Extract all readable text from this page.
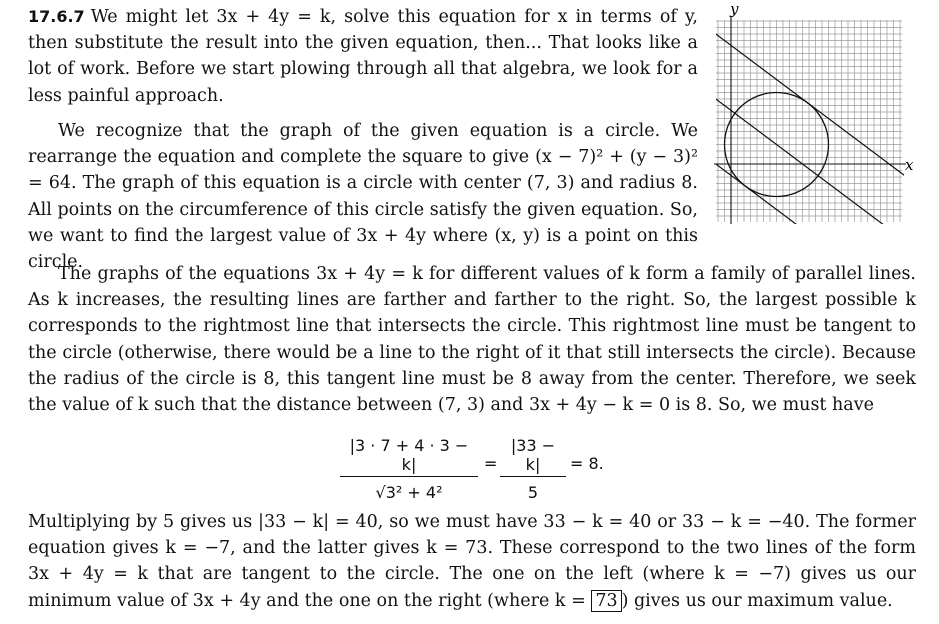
17.6.7 We might let 3x + 4y = k, solve this equation for x in terms of y, then substitute the result into the given equation, then... That looks like a lot of work. Before we start plowing through all that algebra, we look for a less painful approach.

We recognize that the graph of the given equation is a circle. We rearrange the equation and complete the square to give (x − 7)² + (y − 3)² = 64. The graph of this equation is a circle with center (7, 3) and radius 8. All points on the circumference of this circle satisfy the given equation. So, we want to find the largest value of 3x + 4y where (x, y) is a point on this circle.

The graphs of the equations 3x + 4y = k for different values of k form a family of parallel lines. As k increases, the resulting lines are farther and farther to the right. So, the largest possible k corresponds to the rightmost line that intersects the circle. This rightmost line must be tangent to the circle (otherwise, there would be a line to the right of it that still intersects the circle). Because the radius of the circle is 8, this tangent line must be 8 away from the center. Therefore, we seek the value of k such that the distance between (7, 3) and 3x + 4y − k = 0 is 8. So, we must have

$\frac{|3 \cdot 7 + 4 \cdot 3 - k|}{\text{√3² + 4²}} = \frac{|33 - k|}{5} = 8$.

Multiplying by 5 gives us |33 − k| = 40, so we must have 33 − k = 40 or 33 − k = −40. The former equation gives k = −7, and the latter gives k = 73. These correspond to the two lines of the form 3x + 4y = k that are tangent to the circle. The one on the left (where k = −7) gives us our minimum value of 3x + 4y and the one on the right (where k = 73 ) gives us our maximum value.

x
y
